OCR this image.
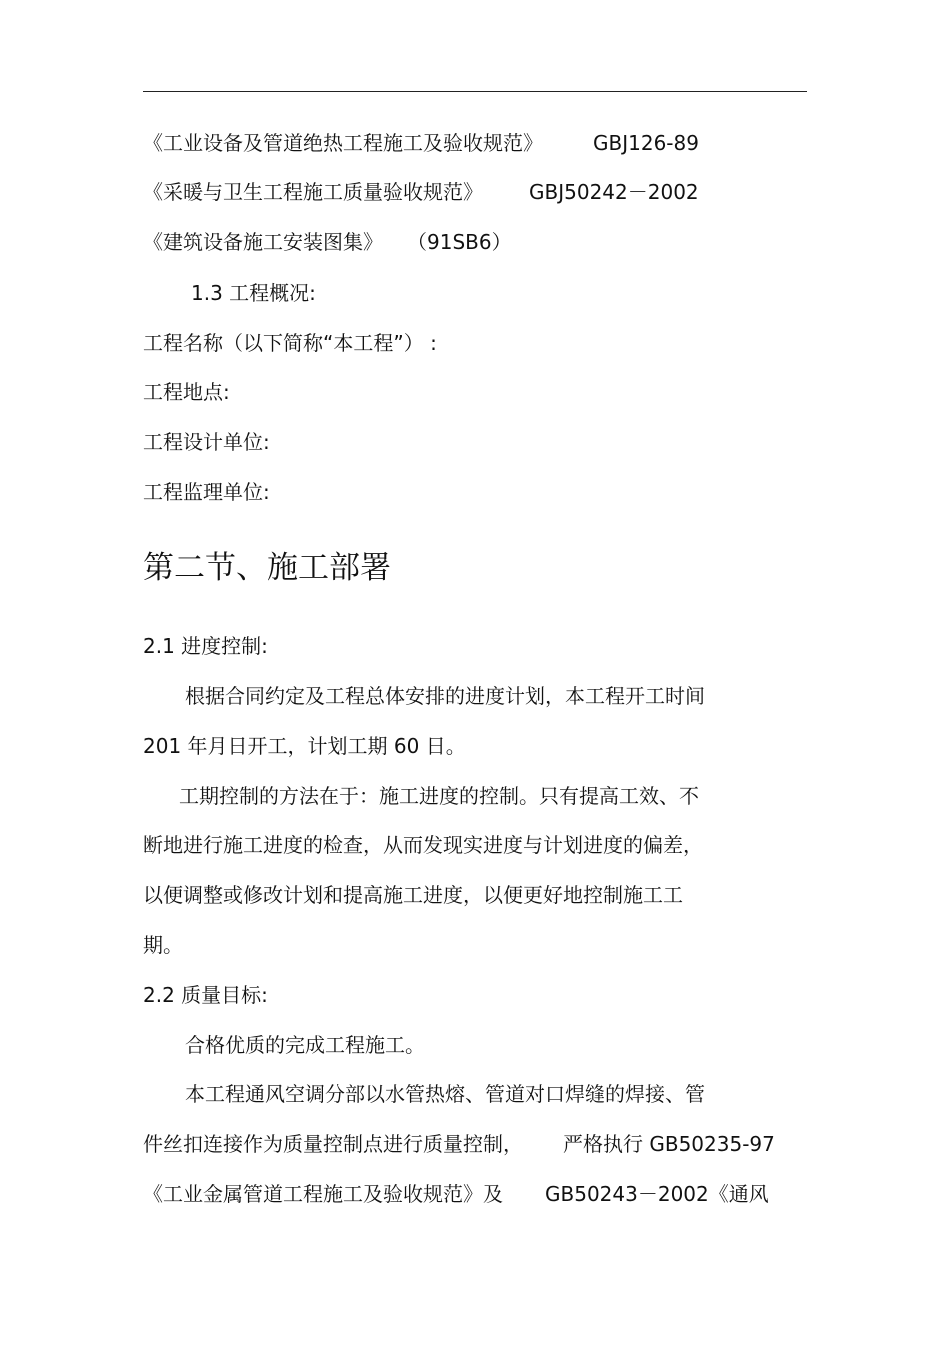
《工业设备及管道绝热工程施工及验收规范》	GBJ126-89
《采暖与卫生工程施工质量验收规范》 GBJ50242－2002
《建筑设备施工安装图集》 （91SB6）
1.3 工程概况:
工程名称（以下简称“本工程”） :
工程地点:
工程设计单位:
工程监理单位:
第二节、施工部署
2.1 进度控制:
根据合同约定及工程总体安排的进度计划，本工程开工时间
201 年月日开工，计划工期 60 日。
工期控制的方法在于：施工进度的控制。只有提高工效、不
断地进行施工进度的检查，从而发现实进度与计划进度的偏差，
以便调整或修改计划和提高施工进度，以便更好地控制施工工
期。
2.2 质量目标:
合格优质的完成工程施工。
本工程通风空调分部以水管热熔、管道对口焊缝的焊接、管
件丝扣连接作为质量控制点进行质量控制， 严格执行 GB50235-97
《工业金属管道工程施工及验收规范》及 GB50243－2002《通风
